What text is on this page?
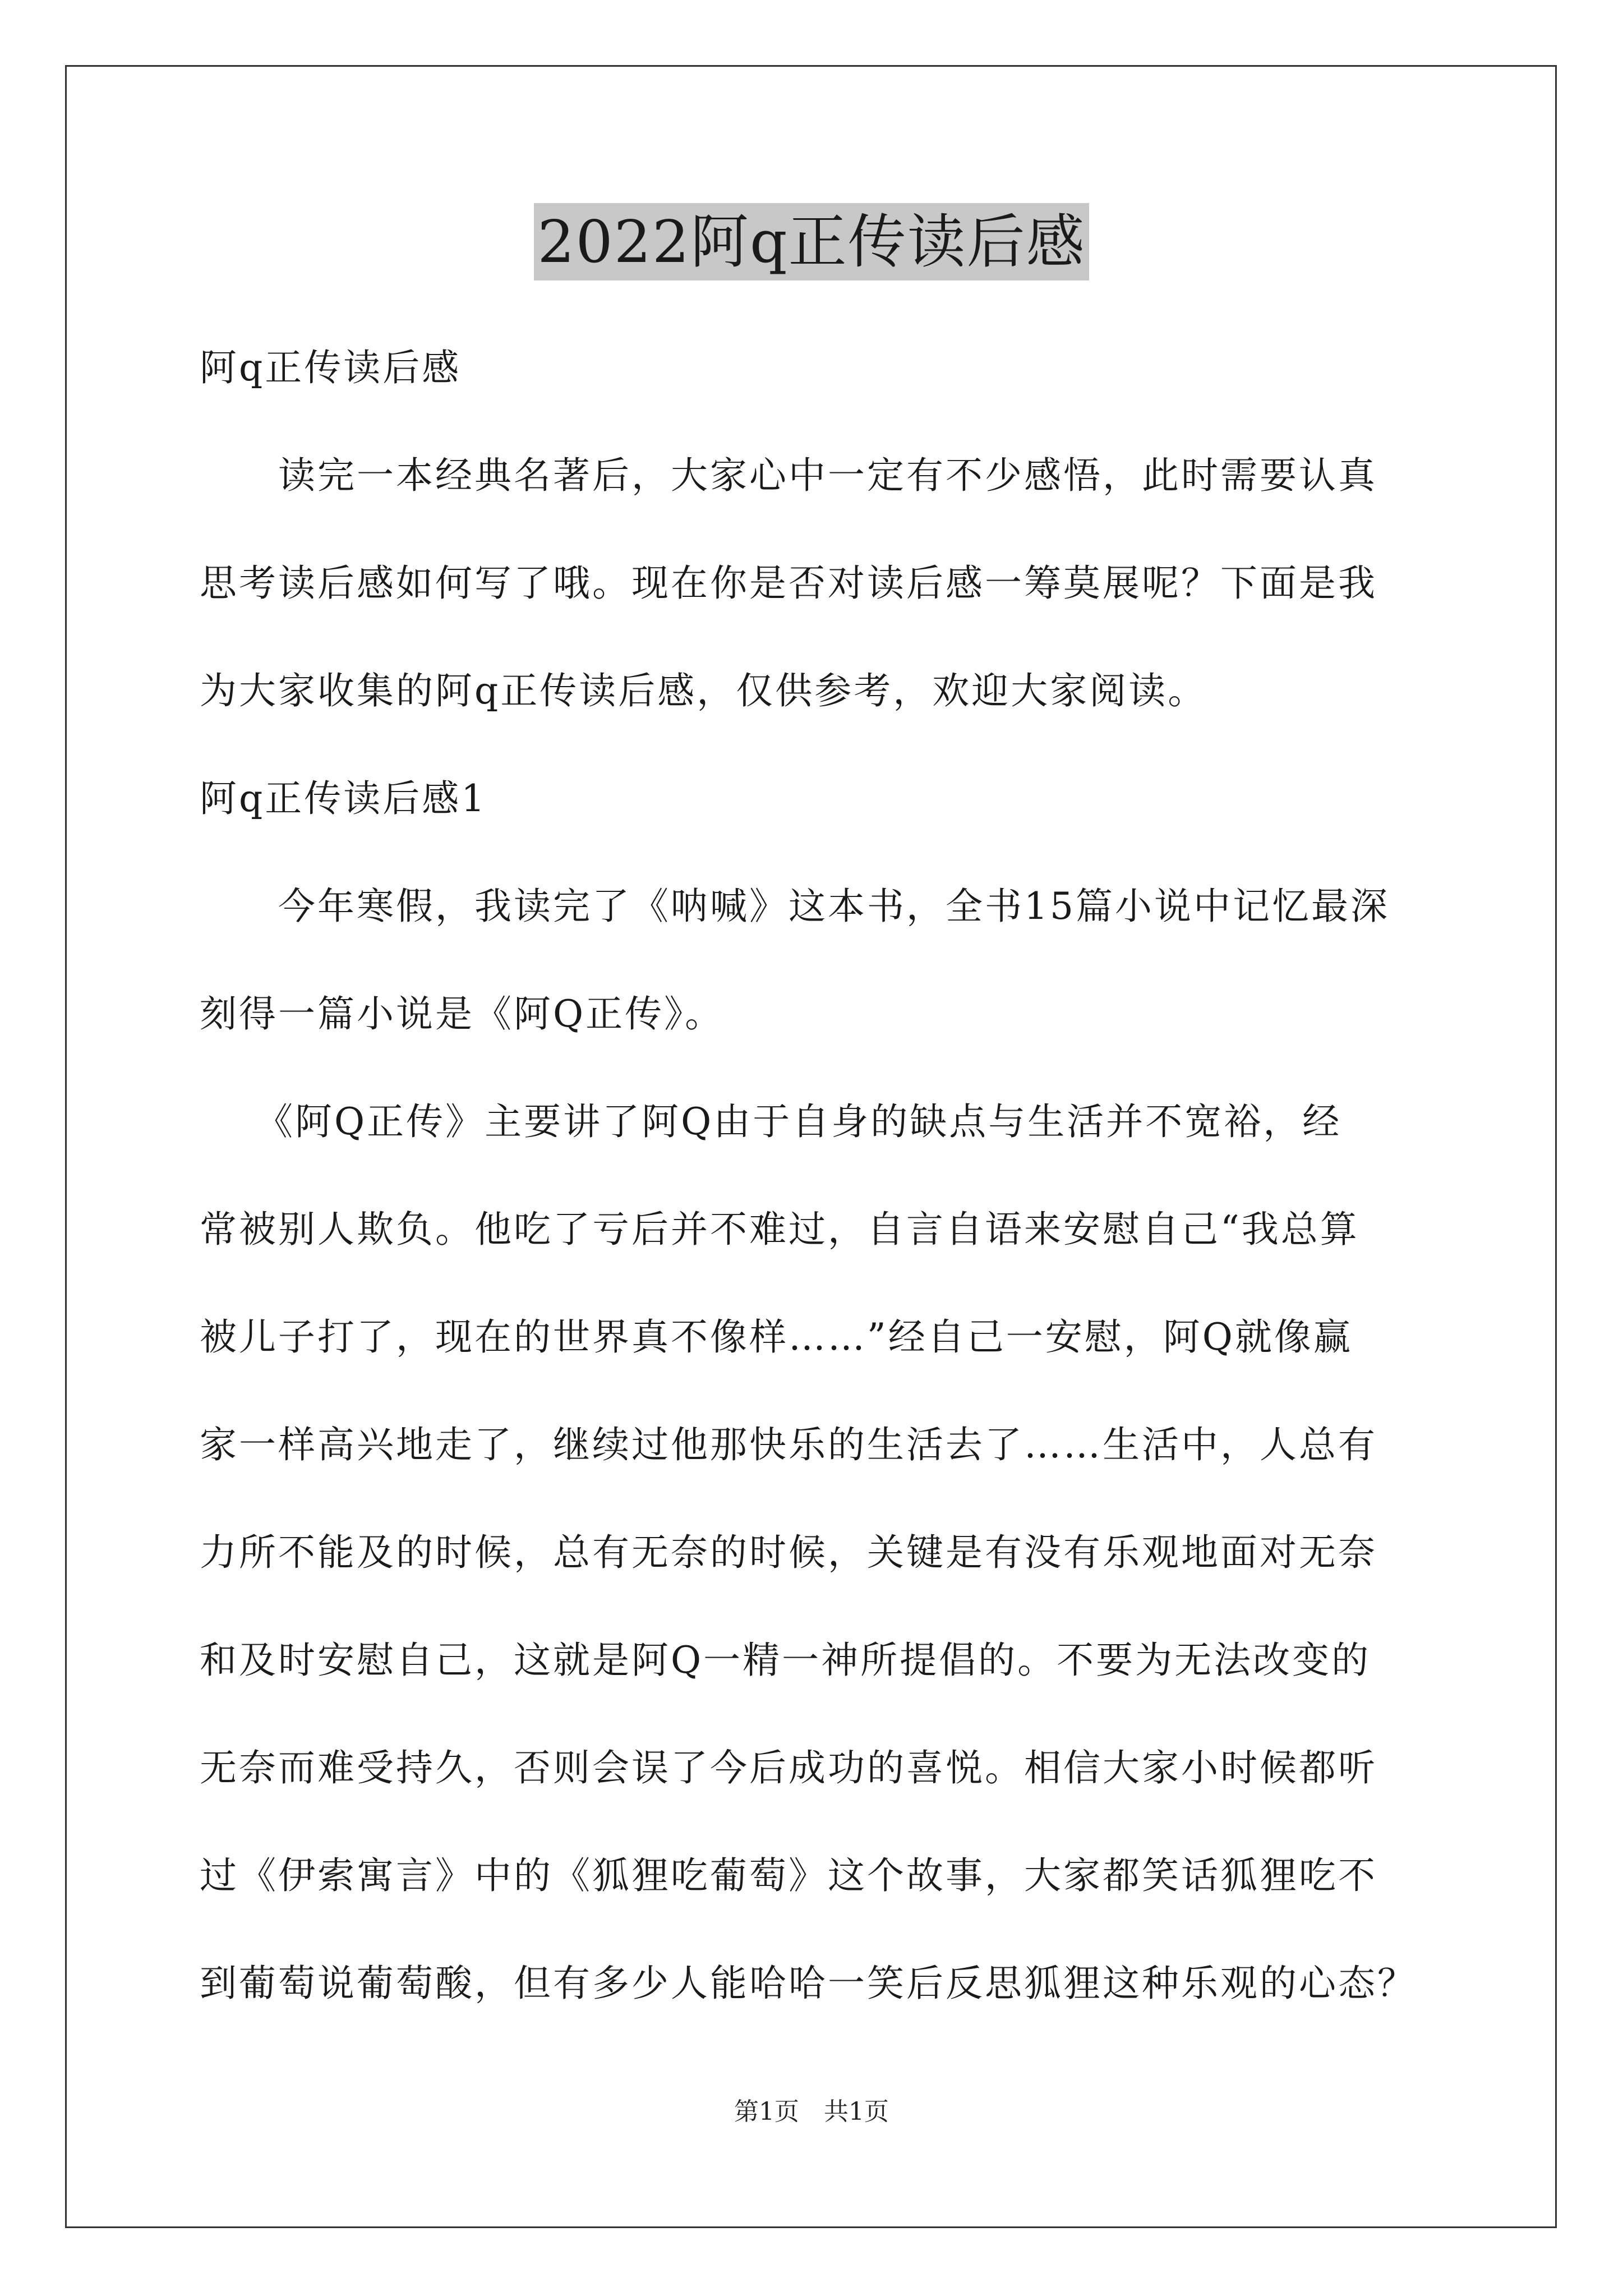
2022阿q正传读后感
阿q正传读后感
读完一本经典名著后，大家心中一定有不少感悟，此时需要认真
思考读后感如何写了哦。现在你是否对读后感一筹莫展呢？下面是我
为大家收集的阿q正传读后感，仅供参考，欢迎大家阅读。
阿q正传读后感1
今年寒假，我读完了《呐喊》这本书，全书15篇小说中记忆最深
刻得一篇小说是《阿Q正传》。
《阿Q正传》主要讲了阿Q由于自身的缺点与生活并不宽裕，经
常被别人欺负。他吃了亏后并不难过，自言自语来安慰自己“我总算
被儿子打了，现在的世界真不像样……”经自己一安慰，阿Q就像赢
家一样高兴地走了，继续过他那快乐的生活去了……生活中，人总有
力所不能及的时候，总有无奈的时候，关键是有没有乐观地面对无奈
和及时安慰自己，这就是阿Q一精一神所提倡的。不要为无法改变的
无奈而难受持久，否则会误了今后成功的喜悦。相信大家小时候都听
过《伊索寓言》中的《狐狸吃葡萄》这个故事，大家都笑话狐狸吃不
到葡萄说葡萄酸，但有多少人能哈哈一笑后反思狐狸这种乐观的心态？
第1页　共1页
